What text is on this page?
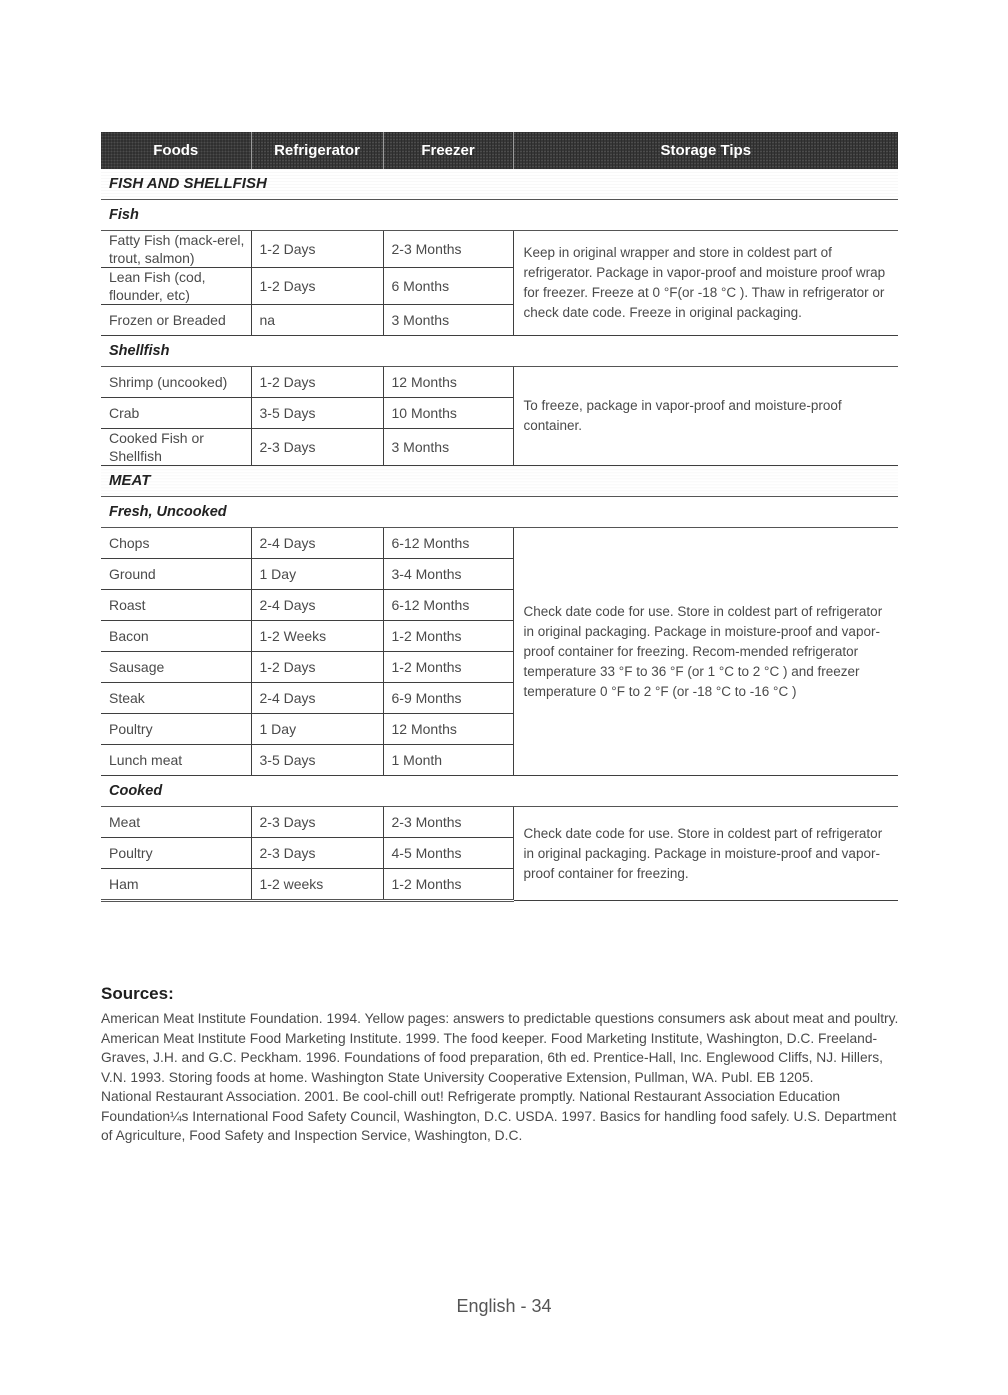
Foods	Refrigerator	Freezer	Storage Tips
FISH AND SHELLFISH			
Fish			
Fatty Fish (mack-erel, trout, salmon)	1-2 Days	2-3 Months	Keep in original wrapper and store in coldest part of refrigerator. Package in vapor-proof and moisture proof wrap for freezer. Freeze at 0 °F(or -18 °C ). Thaw in refrigerator or check date code. Freeze in original packaging.
Lean Fish (cod, flounder, etc)	1-2 Days	6 Months	
Frozen or Breaded	na	3 Months	
Shellfish			
Shrimp (uncooked)	1-2 Days	12 Months	To freeze, package in vapor-proof and moisture-proof container.
Crab	3-5 Days	10 Months	
Cooked Fish or Shellfish	2-3 Days	3 Months	
MEAT			
Fresh, Uncooked			
Chops	2-4 Days	6-12 Months	Check date code for use. Store in coldest part of refrigerator in original packaging. Package in moisture-proof and vapor-proof container for freezing. Recom-mended refrigerator temperature 33 °F to 36 °F (or 1 °C to 2 °C ) and freezer temperature 0 °F to 2 °F (or -18 °C to -16 °C )
Ground	1 Day	3-4 Months	
Roast	2-4 Days	6-12 Months	
Bacon	1-2 Weeks	1-2 Months	
Sausage	1-2 Days	1-2 Months	
Steak	2-4 Days	6-9 Months	
Poultry	1 Day	12 Months	
Lunch meat	3-5 Days	1 Month	
Cooked			
Meat	2-3 Days	2-3 Months	Check date code for use. Store in coldest part of refrigerator in original packaging. Package in moisture-proof and vapor-proof container for freezing.
Poultry	2-3 Days	4-5 Months	
Ham	1-2 weeks	1-2 Months	
Sources:

American Meat Institute Foundation. 1994. Yellow pages: answers to predictable questions consumers ask about meat and poultry. American Meat Institute Food Marketing Institute. 1999. The food keeper. Food Marketing Institute, Washington, D.C. Freeland-Graves, J.H. and G.C. Peckham. 1996. Foundations of food preparation, 6th ed. Prentice-Hall, Inc. Englewood Cliffs, NJ. Hillers, V.N. 1993. Storing foods at home. Washington State University Cooperative Extension, Pullman, WA. Publ. EB 1205.

National Restaurant Association. 2001. Be cool-chill out! Refrigerate promptly. National Restaurant Association Education Foundation¼s International Food Safety Council, Washington, D.C. USDA. 1997. Basics for handling food safely. U.S. Department of Agriculture, Food Safety and Inspection Service, Washington, D.C.

English - 34
